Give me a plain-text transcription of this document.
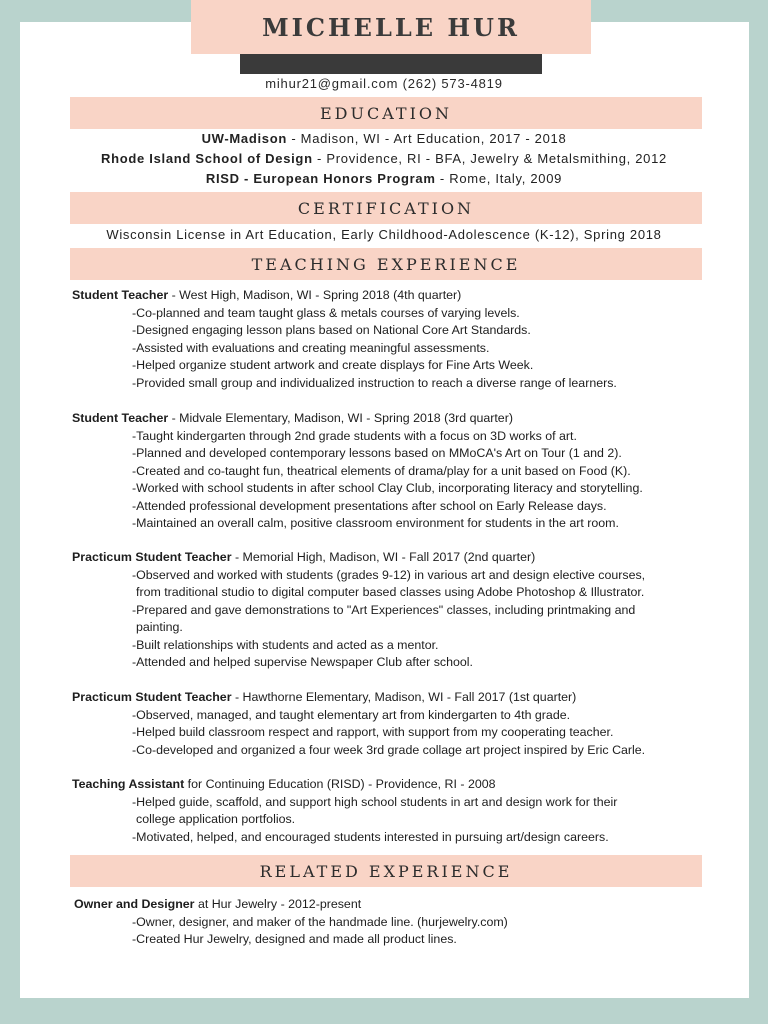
MICHELLE HUR
mihur21@gmail.com (262) 573-4819
EDUCATION
UW-Madison - Madison, WI - Art Education, 2017 - 2018
Rhode Island School of Design - Providence, RI - BFA, Jewelry & Metalsmithing, 2012
RISD - European Honors Program - Rome, Italy, 2009
CERTIFICATION
Wisconsin License in Art Education, Early Childhood-Adolescence (K-12), Spring 2018
TEACHING EXPERIENCE
Student Teacher - West High, Madison, WI - Spring 2018 (4th quarter)
-Co-planned and team taught glass & metals courses of varying levels.
-Designed engaging lesson plans based on National Core Art Standards.
-Assisted with evaluations and creating meaningful assessments.
-Helped organize student artwork and create displays for Fine Arts Week.
-Provided small group and individualized instruction to reach a diverse range of learners.
Student Teacher - Midvale Elementary, Madison, WI - Spring 2018 (3rd quarter)
-Taught kindergarten through 2nd grade students with a focus on 3D works of art.
-Planned and developed contemporary lessons based on MMoCA's Art on Tour (1 and 2).
-Created and co-taught fun, theatrical elements of drama/play for a unit based on Food (K).
-Worked with school students in after school Clay Club, incorporating literacy and storytelling.
-Attended professional development presentations after school on Early Release days.
-Maintained an overall calm, positive classroom environment for students in the art room.
Practicum Student Teacher - Memorial High, Madison, WI - Fall 2017 (2nd quarter)
-Observed and worked with students (grades 9-12) in various art and design elective courses,
from traditional studio to digital computer based classes using Adobe Photoshop & Illustrator.
-Prepared and gave demonstrations to "Art Experiences" classes, including printmaking and
painting.
-Built relationships with students and acted as a mentor.
-Attended and helped supervise Newspaper Club after school.
Practicum Student Teacher - Hawthorne Elementary, Madison, WI - Fall 2017 (1st quarter)
-Observed, managed, and taught elementary art from kindergarten to 4th grade.
-Helped build classroom respect and rapport, with support from my cooperating teacher.
-Co-developed and organized a four week 3rd grade collage art project inspired by Eric Carle.
Teaching Assistant for Continuing Education (RISD) - Providence, RI - 2008
-Helped guide, scaffold, and support high school students in art and design work for their
college application portfolios.
-Motivated, helped, and encouraged students interested in pursuing art/design careers.
RELATED EXPERIENCE
Owner and Designer at Hur Jewelry - 2012-present
-Owner, designer, and maker of the handmade line. (hurjewelry.com)
-Created Hur Jewelry, designed and made all product lines.
